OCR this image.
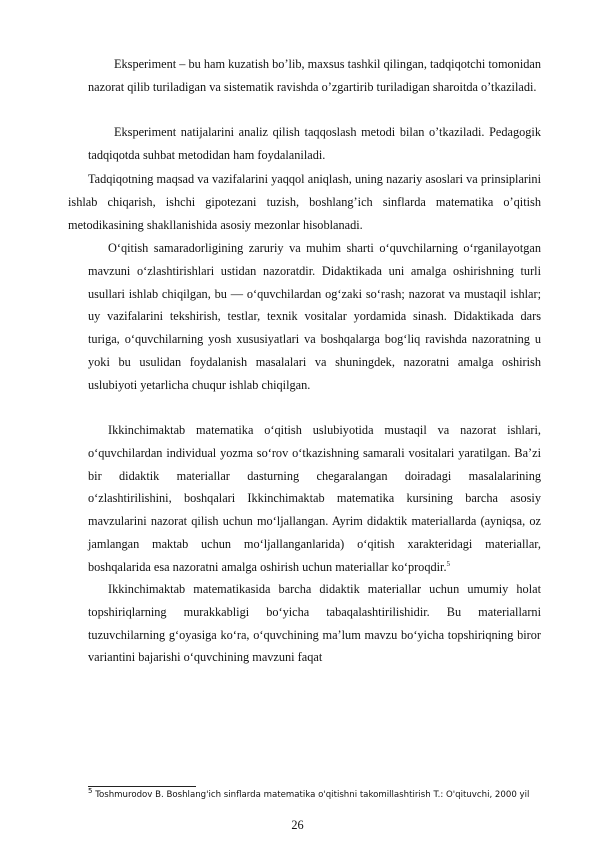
Eksperiment – bu ham kuzatish bo’lib, maxsus tashkil qilingan, tadqiqotchi tomonidan nazorat qilib turiladigan va sistematik ravishda o’zgartirib turiladigan sharoitda o’tkaziladi.

Eksperiment natijalarini analiz qilish taqqoslash metodi bilan o’tkaziladi. Pedagogik tadqiqotda suhbat metodidan ham foydalaniladi.

Tadqiqotning maqsad va vazifalarini yaqqol aniqlash, uning nazariy asoslari va prinsiplarini ishlab chiqarish, ishchi gipotezani tuzish, boshlang’ich sinflarda matematika o’qitish metodikasining shakllanishida asosiy mezonlar hisoblanadi.

O‘qitish samaradorligining zaruriy va muhim sharti o‘quvchilarning o‘rganilayotgan mavzuni o‘zlashtirishlari ustidan nazoratdir. Didaktikada uni amalga oshirishning turli usullari ishlab chiqilgan, bu — o‘quvchilardan og‘zaki so‘rash; nazorat va mustaqil ishlar; uy vazifalarini tekshirish, testlar, texnik vositalar yordamida sinash. Didaktikada dars turiga, o‘quvchilarning yosh xususiyatlari va boshqalarga bog‘liq ravishda nazoratning u yoki bu usulidan foydalanish masalalari va shuningdek, nazoratni amalga oshirish uslubiyoti yetarlicha chuqur ishlab chiqilgan.

Ikkinchimaktab matematika o‘qitish uslubiyotida mustaqil va nazorat ishlari, o‘quvchilardan individual yozma so‘rov o‘tkazishning samarali vositalari yaratilgan. Ba’zi bir didaktik materiallar dasturning chegaralangan doiradagi masalalarining o‘zlashtirilishini, boshqalari Ikkinchimaktab matematika kursining barcha asosiy mavzularini nazorat qilish uchun mo‘ljallangan. Ayrim didaktik materiallarda (ayniqsa, oz jamlangan maktab uchun mo‘ljallanganlarida) o‘qitish xarakteridagi materiallar, boshqalarida esa nazoratni amalga oshirish uchun materiallar ko‘proqdir.$^5$

Ikkinchimaktab matematikasida barcha didaktik materiallar uchun umumiy holat topshiriqlarning murakkabligi bo‘yicha tabaqalashtirilishidir. Bu materiallarni tuzuvchilarning g‘oyasiga ko‘ra, o‘quvchining ma’lum mavzu bo‘yicha topshiriqning biror variantini bajarishi o‘quvchining mavzuni faqat

$^5$ Toshmurodov B. Boshlang'ich sinflarda matematika o'qitishni takomillashtirish T.: O'qituvchi, 2000 yil
26
